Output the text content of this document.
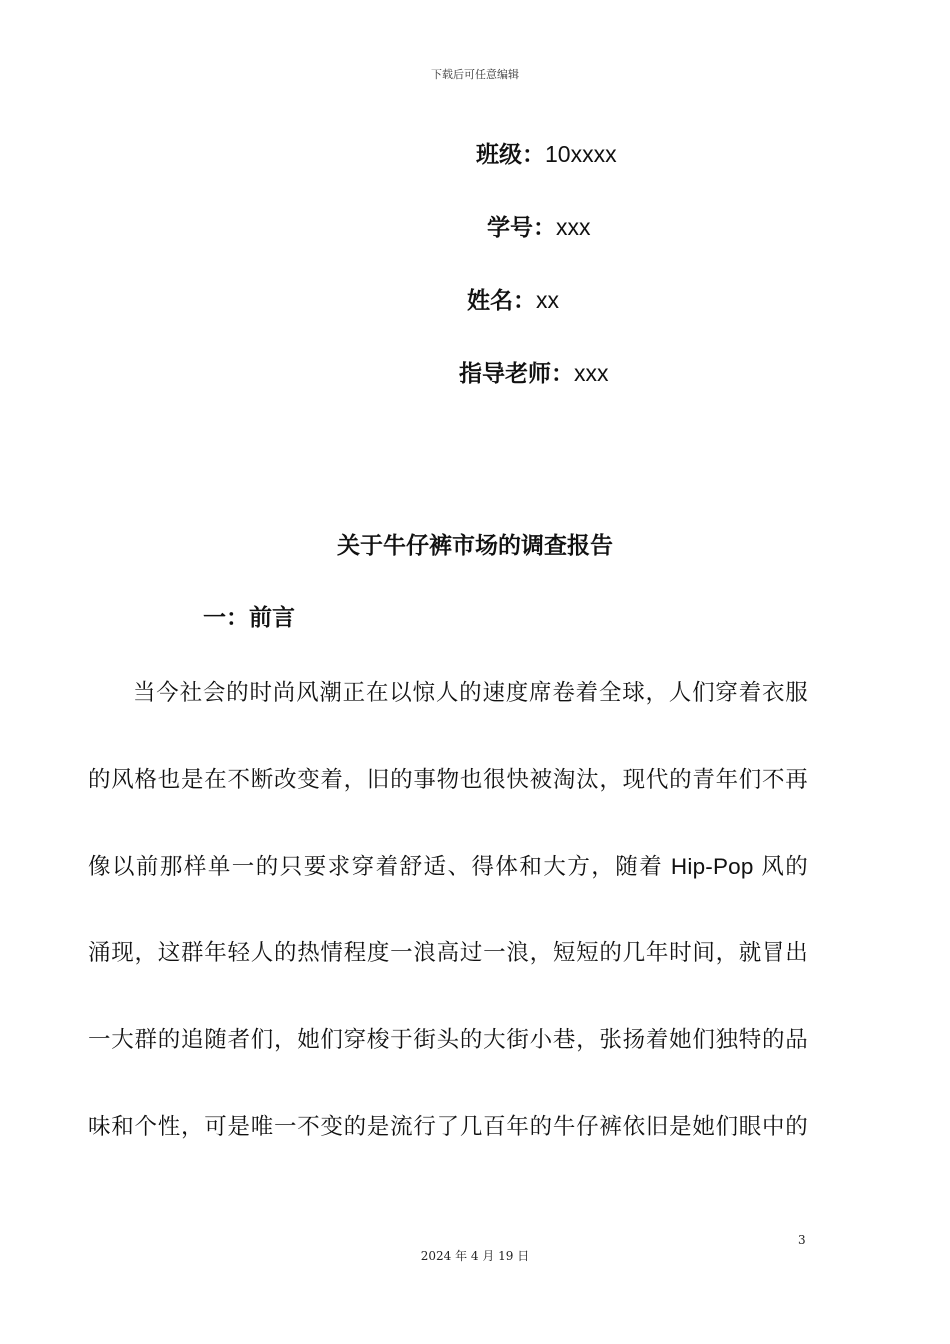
下载后可任意编辑
班级：10xxxx
学号：xxx
姓名：xx
指导老师：xxx
关于牛仔裤市场的调查报告
一：前言
当今社会的时尚风潮正在以惊人的速度席卷着全球，人们穿着衣服
的风格也是在不断改变着，旧的事物也很快被淘汰，现代的青年们不再
像以前那样单一的只要求穿着舒适、得体和大方，随着 Hip-Pop 风的
涌现，这群年轻人的热情程度一浪高过一浪，短短的几年时间，就冒出
一大群的追随者们，她们穿梭于街头的大街小巷，张扬着她们独特的品
味和个性，可是唯一不变的是流行了几百年的牛仔裤依旧是她们眼中的
3
2024 年 4 月 19 日
